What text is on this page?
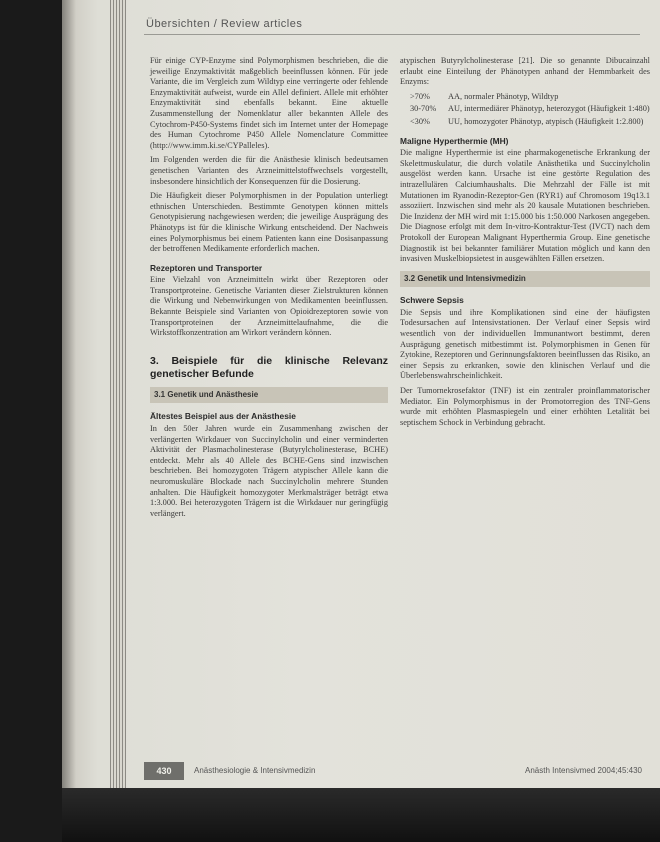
Übersichten / Review articles

Für einige CYP-Enzyme sind Polymorphismen beschrieben, die die jeweilige Enzymaktivität maßgeblich beeinflussen können. Für jede Variante, die im Vergleich zum Wildtyp eine verringerte oder fehlende Enzymaktivität aufweist, wurde ein Allel definiert. Allele mit erhöhter Enzymaktivität sind ebenfalls bekannt. Eine aktuelle Zusammenstellung der Nomenklatur aller bekannten Allele des Cytochrom-P450-Systems findet sich im Internet unter der Homepage des Human Cytochrome P450 Allele Nomenclature Committee (http://www.imm.ki.se/CYPalleles).

Im Folgenden werden die für die Anästhesie klinisch bedeutsamen genetischen Varianten des Arzneimittelstoffwechsels vorgestellt, insbesondere hinsichtlich der Konsequenzen für die Dosierung.

Die Häufigkeit dieser Polymorphismen in der Population unterliegt ethnischen Unterschieden. Bestimmte Genotypen können mittels Genotypisierung nachgewiesen werden; die jeweilige Ausprägung des Phänotyps ist für die klinische Wirkung entscheidend. Der Nachweis eines Polymorphismus bei einem Patienten kann eine Dosisanpassung der betroffenen Medikamente erforderlich machen.

Rezeptoren und Transporter

Eine Vielzahl von Arzneimitteln wirkt über Rezeptoren oder Transportproteine. Genetische Varianten dieser Zielstrukturen können die Wirkung und Nebenwirkungen von Medikamenten beeinflussen. Bekannte Beispiele sind Varianten von Opioidrezeptoren sowie von Transportproteinen der Arzneimittelaufnahme, die die Wirkstoffkonzentration am Wirkort verändern können.

3. Beispiele für die klinische Relevanz genetischer Befunde
3.1 Genetik und Anästhesie
Ältestes Beispiel aus der Anästhesie

In den 50er Jahren wurde ein Zusammenhang zwischen der verlängerten Wirkdauer von Succinylcholin und einer verminderten Aktivität der Plasmacholinesterase (Butyrylcholinesterase, BCHE) entdeckt. Mehr als 40 Allele des BCHE-Gens sind inzwischen beschrieben. Bei homozygoten Trägern atypischer Allele kann die neuromuskuläre Blockade nach Succinylcholin mehrere Stunden anhalten. Die Häufigkeit homozygoter Merkmalsträger beträgt etwa 1:3.000. Bei heterozygoten Trägern ist die Wirkdauer nur geringfügig verlängert.

atypischen Butyrylcholinesterase [21]. Die so genannte Dibucainzahl erlaubt eine Einteilung der Phänotypen anhand der Hemmbarkeit des Enzyms:

>70%	AA, normaler Phänotyp, Wildtyp
30-70%	AU, intermediärer Phänotyp, heterozygot (Häufigkeit 1:480)
<30%	UU, homozygoter Phänotyp, atypisch (Häufigkeit 1:2.800)
Maligne Hyperthermie (MH)

Die maligne Hyperthermie ist eine pharmakogenetische Erkrankung der Skelettmuskulatur, die durch volatile Anästhetika und Succinylcholin ausgelöst werden kann. Ursache ist eine gestörte Regulation des intrazellulären Calciumhaushalts. Die Mehrzahl der Fälle ist mit Mutationen im Ryanodin-Rezeptor-Gen (RYR1) auf Chromosom 19q13.1 assoziiert. Inzwischen sind mehr als 20 kausale Mutationen beschrieben. Die Inzidenz der MH wird mit 1:15.000 bis 1:50.000 Narkosen angegeben. Die Diagnose erfolgt mit dem In-vitro-Kontraktur-Test (IVCT) nach dem Protokoll der European Malignant Hyperthermia Group. Eine genetische Diagnostik ist bei bekannter familiärer Mutation möglich und kann den invasiven Muskelbiopsietest in ausgewählten Fällen ersetzen.

3.2 Genetik und Intensivmedizin
Schwere Sepsis

Die Sepsis und ihre Komplikationen sind eine der häufigsten Todesursachen auf Intensivstationen. Der Verlauf einer Sepsis wird wesentlich von der individuellen Immunantwort bestimmt, deren Ausprägung genetisch mitbestimmt ist. Polymorphismen in Genen für Zytokine, Rezeptoren und Gerinnungsfaktoren beeinflussen das Risiko, an einer Sepsis zu erkranken, sowie den klinischen Verlauf und die Überlebenswahrscheinlichkeit.

Der Tumornekrosefaktor (TNF) ist ein zentraler proinflammatorischer Mediator. Ein Polymorphismus in der Promotorregion des TNF-Gens wurde mit erhöhten Plasmaspiegeln und einer erhöhten Letalität bei septischem Schock in Verbindung gebracht.

430	Anästhesiologie & Intensivmedizin	Anästh Intensivmed 2004;45:430
